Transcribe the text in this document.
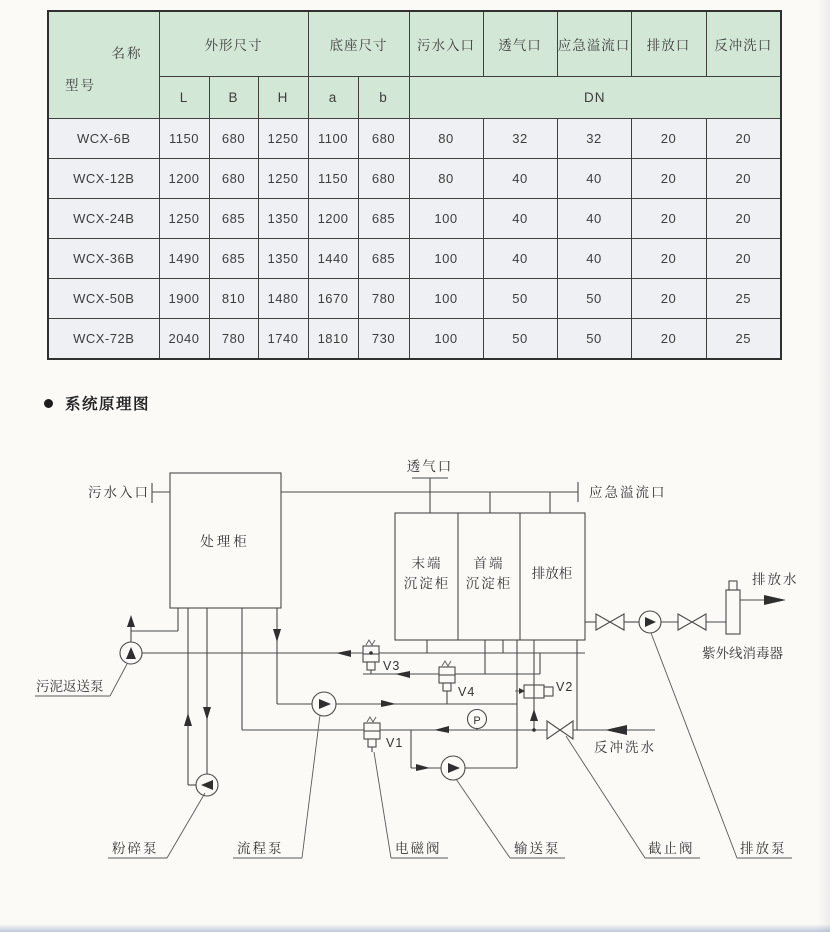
名称
型号	外形尺寸			底座尺寸		污水入口	透气口	应急溢流口	排放口	反冲洗口
	L	B	H	a	b	DN				
WCX-6B	1150	680	1250	1100	680	80	32	32	20	20
WCX-12B	1200	680	1250	1150	680	80	40	40	20	20
WCX-24B	1250	685	1350	1200	685	100	40	40	20	20
WCX-36B	1490	685	1350	1440	685	100	40	40	20	20
WCX-50B	1900	810	1480	1670	780	100	50	50	20	25
WCX-72B	2040	780	1740	1810	730	100	50	50	20	25
系统原理图
污水入口
处理柜
透气口
应急溢流口
末端
沉淀柜
首端
沉淀柜
排放柜	排放水
紫外线消毒器
污泥返送泵
粉碎泵
反冲洗水
流程泵
V3
V4
V1
电磁阀
V2
P
截止阀
输送泵	排放泵
